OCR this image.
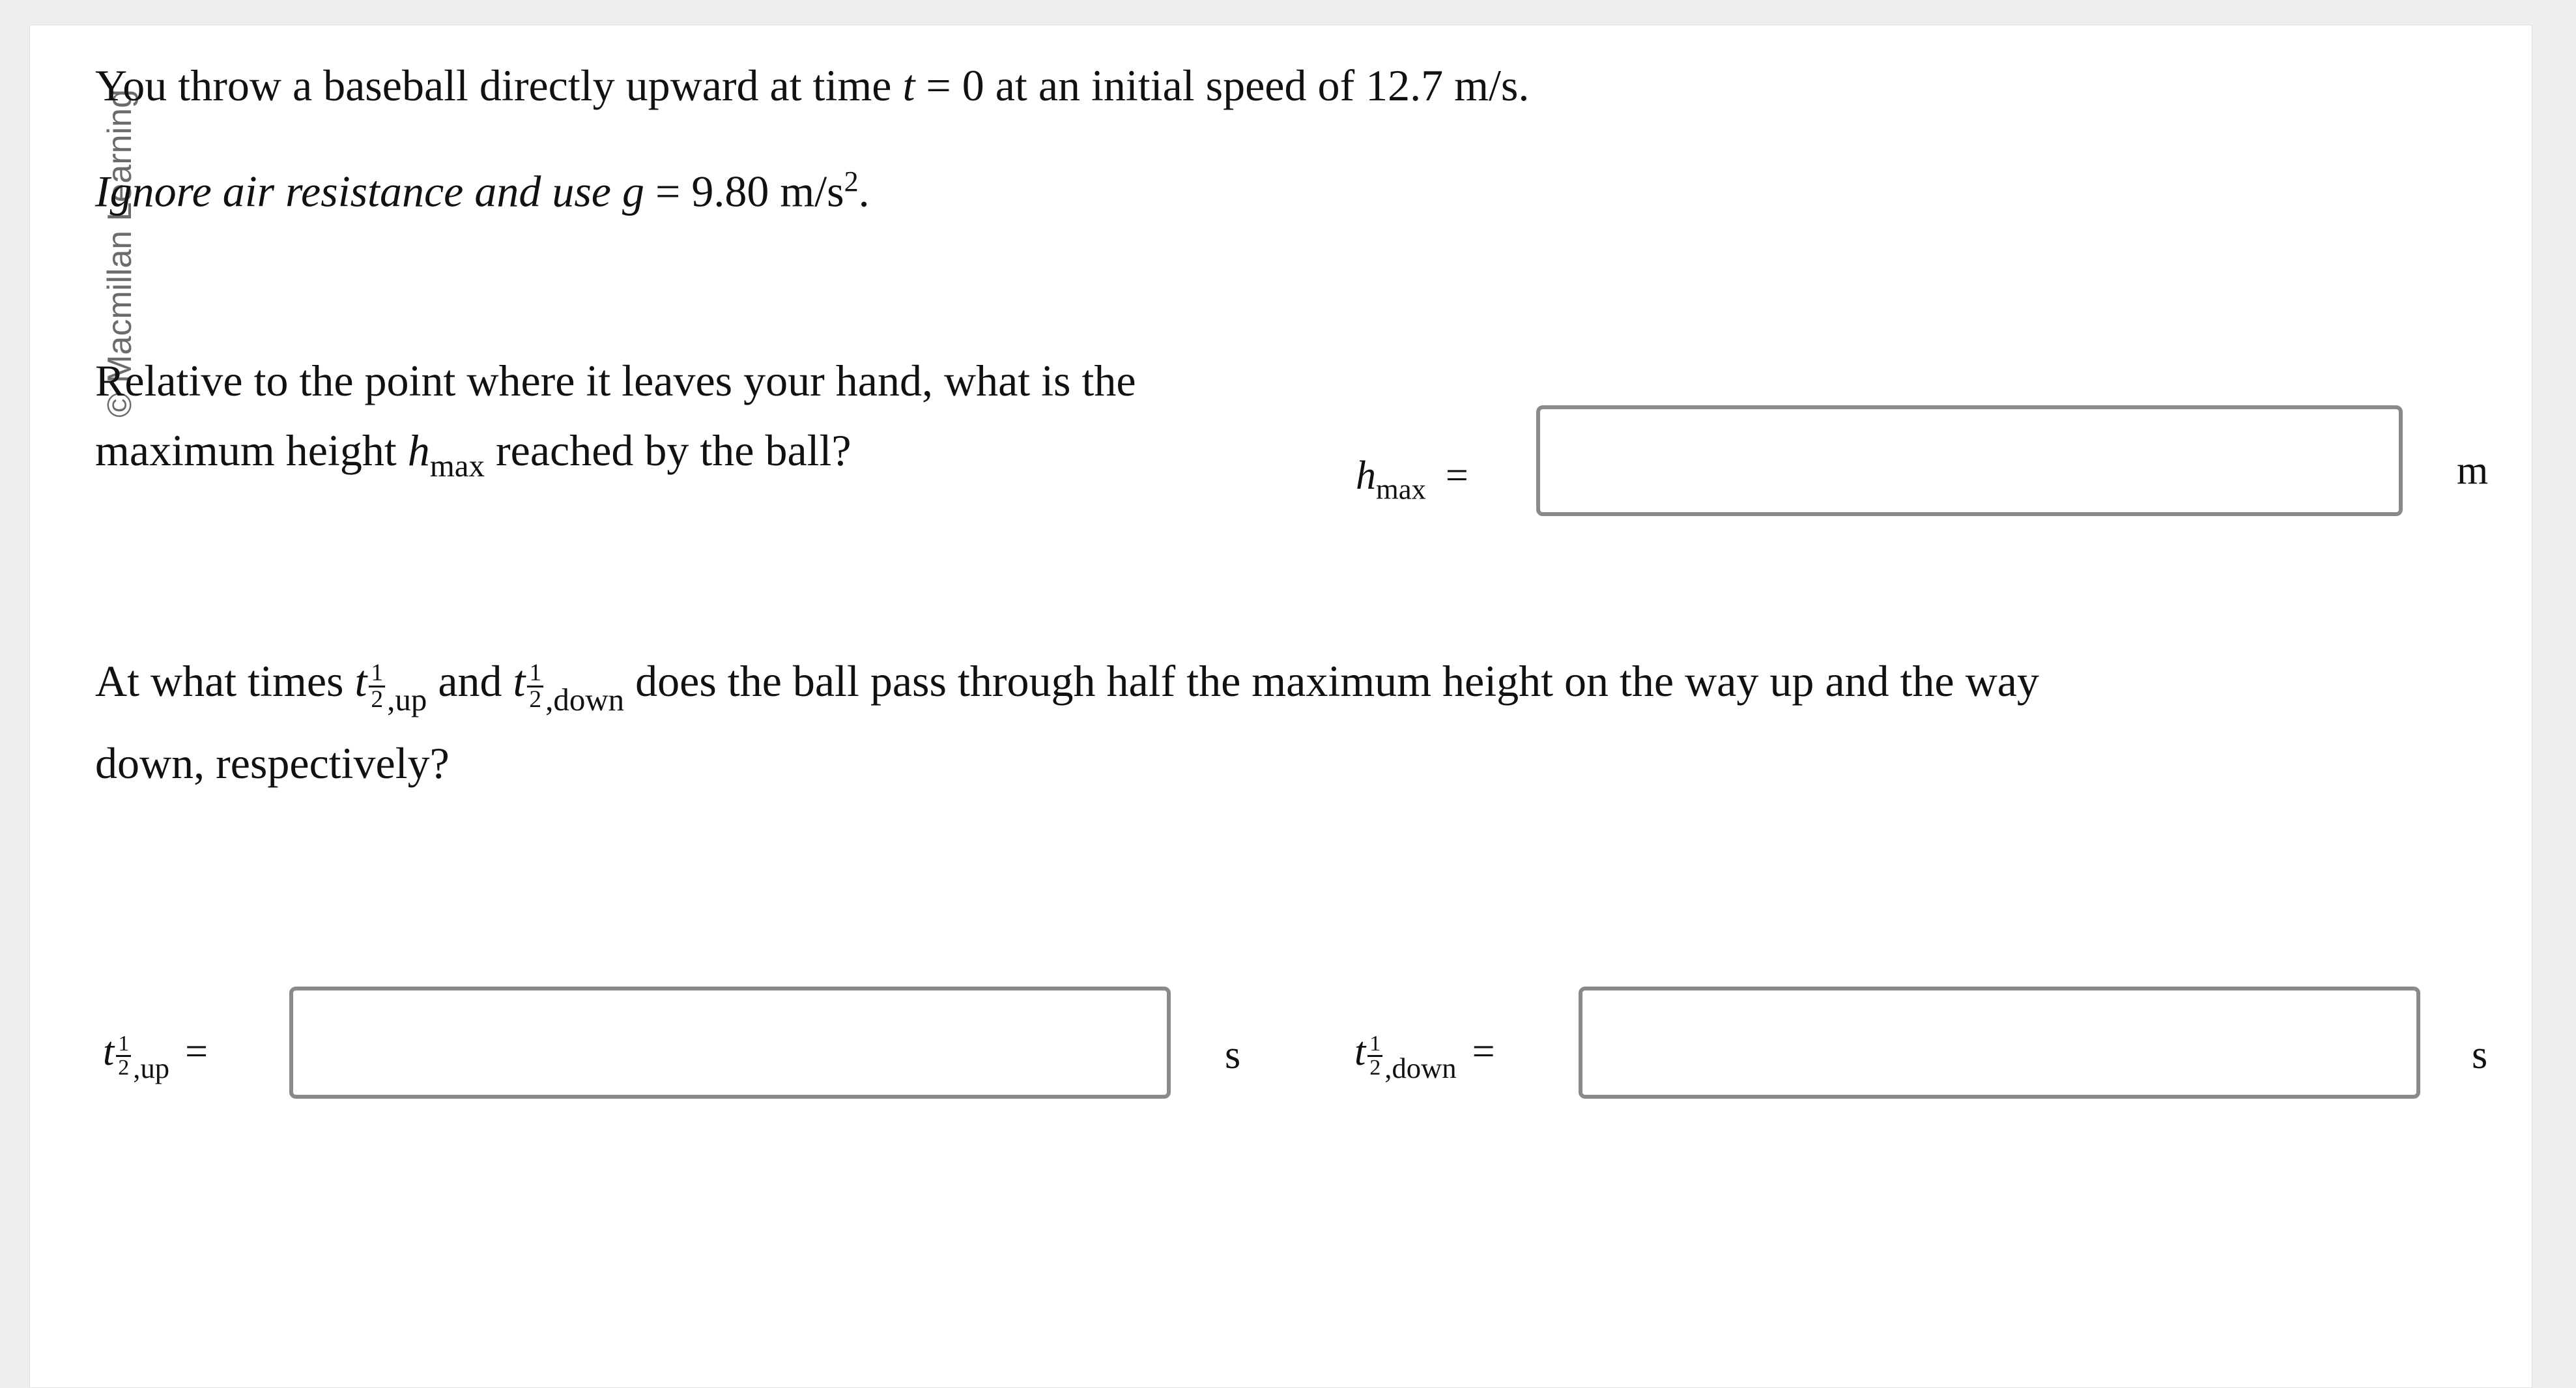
© Macmillan Learning
You throw a baseball directly upward at time t = 0 at an initial speed of 12.7 m/s.
Ignore air resistance and use g = 9.80 $m/s^2$.
Relative to the point where it leaves your hand, what is the
maximum height $h_{max}$ reached by the ball?
$h_{max}$ =	m
At what times t $\frac{1}{2} _{,up}$ and t $\frac{1}{2} _{,down}$ does the ball pass through half the maximum height on the way up and the way
down, respectively?
t $\frac{1}{2} _{,up}$ =	s	t $\frac{1}{2} _{,down}$ =	s
